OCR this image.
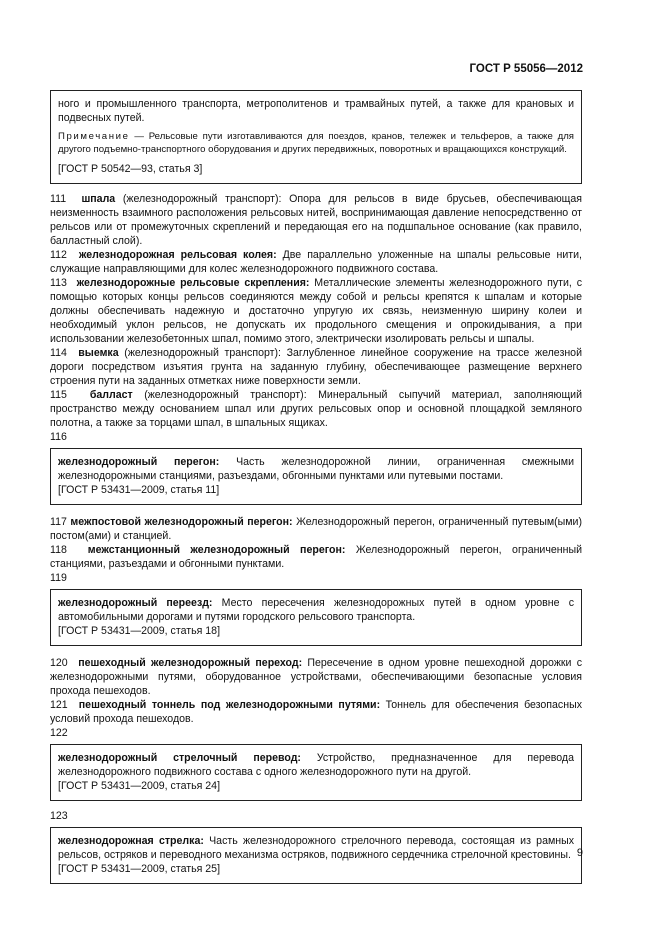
ГОСТ Р 55056—2012

ного и промышленного транспорта, метрополитенов и трамвайных путей, а также для крановых и подвесных путей.

Примечание — Рельсовые пути изготавливаются для поездов, кранов, тележек и тельферов, а также для другого подъемно-транспортного оборудования и других передвижных, поворотных и вращающихся конструкций.

[ГОСТ Р 50542—93, статья 3]

111 шпала (железнодорожный транспорт): Опора для рельсов в виде брусьев, обеспечивающая неизменность взаимного расположения рельсовых нитей, воспринимающая давление непосредственно от рельсов или от промежуточных скреплений и передающая его на подшпальное основание (как правило, балластный слой).

112 железнодорожная рельсовая колея: Две параллельно уложенные на шпалы рельсовые нити, служащие направляющими для колес железнодорожного подвижного состава.

113 железнодорожные рельсовые скрепления: Металлические элементы железнодорожного пути, с помощью которых концы рельсов соединяются между собой и рельсы крепятся к шпалам и которые должны обеспечивать надежную и достаточно упругую их связь, неизменную ширину колеи и необходимый уклон рельсов, не допускать их продольного смещения и опрокидывания, а при использовании железобетонных шпал, помимо этого, электрически изолировать рельсы и шпалы.

114 выемка (железнодорожный транспорт): Заглубленное линейное сооружение на трассе железной дороги посредством изъятия грунта на заданную глубину, обеспечивающее размещение верхнего строения пути на заданных отметках ниже поверхности земли.

115 балласт (железнодорожный транспорт): Минеральный сыпучий материал, заполняющий пространство между основанием шпал или других рельсовых опор и основной площадкой земляного полотна, а также за торцами шпал, в шпальных ящиках.

116

железнодорожный перегон: Часть железнодорожной линии, ограниченная смежными железнодорожными станциями, разъездами, обгонными пунктами или путевыми постами.

[ГОСТ Р 53431—2009, статья 11]

117 межпостовой железнодорожный перегон: Железнодорожный перегон, ограниченный путевым(ыми) постом(ами) и станцией.

118 межстанционный железнодорожный перегон: Железнодорожный перегон, ограниченный станциями, разъездами и обгонными пунктами.

119

железнодорожный переезд: Место пересечения железнодорожных путей в одном уровне с автомобильными дорогами и путями городского рельсового транспорта.

[ГОСТ Р 53431—2009, статья 18]

120 пешеходный железнодорожный переход: Пересечение в одном уровне пешеходной дорожки с железнодорожными путями, оборудованное устройствами, обеспечивающими безопасные условия прохода пешеходов.

121 пешеходный тоннель под железнодорожными путями: Тоннель для обеспечения безопасных условий прохода пешеходов.

122

железнодорожный стрелочный перевод: Устройство, предназначенное для перевода железнодорожного подвижного состава с одного железнодорожного пути на другой.

[ГОСТ Р 53431—2009, статья 24]

123

железнодорожная стрелка: Часть железнодорожного стрелочного перевода, состоящая из рамных рельсов, остряков и переводного механизма остряков, подвижного сердечника стрелочной крестовины.

[ГОСТ Р 53431—2009, статья 25]

9
